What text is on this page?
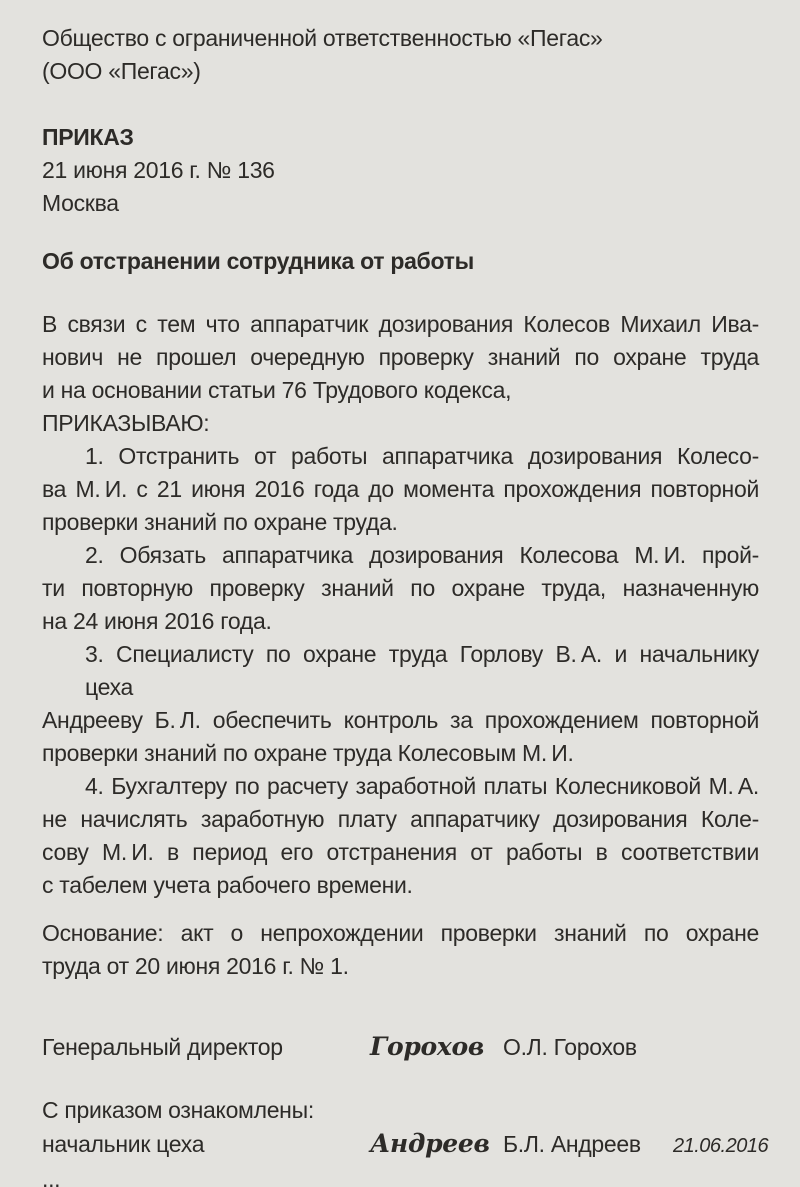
Общество с ограниченной ответственностью «Пегас»
(ООО «Пегас»)
ПРИКАЗ
21 июня 2016 г. № 136
Москва
Об отстранении сотрудника от работы
В связи с тем что аппаратчик дозирования Колесов Михаил Ива-
нович не прошел очередную проверку знаний по охране труда
и на основании статьи 76 Трудового кодекса,
ПРИКАЗЫВАЮ:
1. Отстранить от работы аппаратчика дозирования Колесо-
ва М. И. с 21 июня 2016 года до момента прохождения повторной
проверки знаний по охране труда.
2. Обязать аппаратчика дозирования Колесова М. И. прой-
ти повторную проверку знаний по охране труда, назначенную
на 24 июня 2016 года.
3. Специалисту по охране труда Горлову В. А. и начальнику цеха
Андрееву Б. Л. обеспечить контроль за прохождением повторной
проверки знаний по охране труда Колесовым М. И.
4. Бухгалтеру по расчету заработной платы Колесниковой М. А.
не начислять заработную плату аппаратчику дозирования Коле-
сову М. И. в период его отстранения от работы в соответствии
с табелем учета рабочего времени.
Основание: акт о непрохождении проверки знаний по охране
труда от 20 июня 2016 г. № 1.
Генеральный директор	Горохов О.Л. Горохов
С приказом ознакомлены:
начальник цеха	Андреев Б.Л. Андреев	21.06.2016
...
